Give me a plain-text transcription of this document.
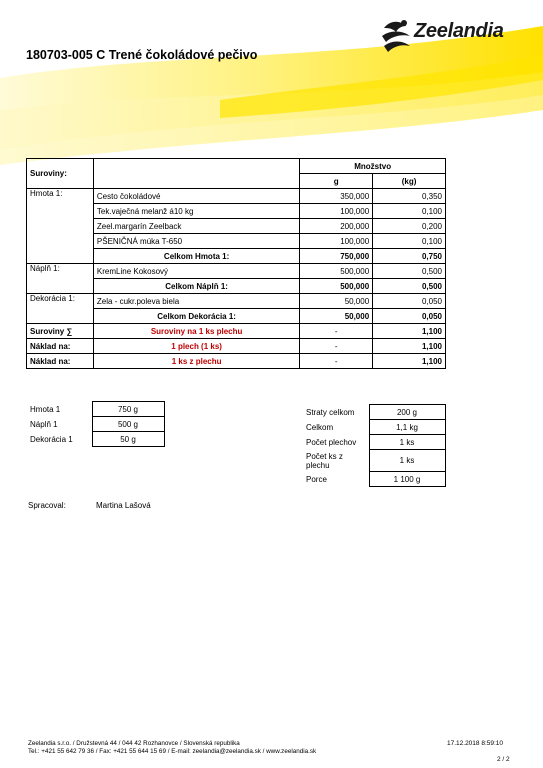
Zeelandia
180703-005 C Trené čokoládové pečivo
Suroviny:		Množstvo	
		g	(kg)
Hmota 1:	Cesto čokoládové	350,000	0,350
	Tek.vaječná melanž á10 kg	100,000	0,100
	Zeel.margarín Zeelback	200,000	0,200
	PŠENIČNÁ múka T-650	100,000	0,100
	Celkom Hmota 1:	750,000	0,750
Náplň 1:	KremLine Kokosový	500,000	0,500
	Celkom Náplň 1:	500,000	0,500
Dekorácia 1:	Zela - cukr.poleva biela	50,000	0,050
	Celkom Dekorácia 1:	50,000	0,050
Suroviny ∑	Suroviny na 1 ks plechu	-	1,100
Náklad na:	1 plech (1 ks)	-	1,100
Náklad na:	1 ks z plechu	-	1,100
Hmota 1	750 g
Náplň 1	500 g
Dekorácia 1	50 g
Straty celkom	200 g
Celkom	1,1 kg
Počet plechov	1 ks
Počet ks z plechu	1 ks
Porce	1 100 g
Spracoval:	Martina Lašová
Zeelandia s.r.o. / Družstevná 44 / 044 42 Rozhanovce / Slovenská republika
Tel.: +421 55 642 79 36 / Fax: +421 55 644 15 69 / E-mail: zeelandia@zeelandia.sk / www.zeelandia.sk
17.12.2018 8:59:10
2 / 2
